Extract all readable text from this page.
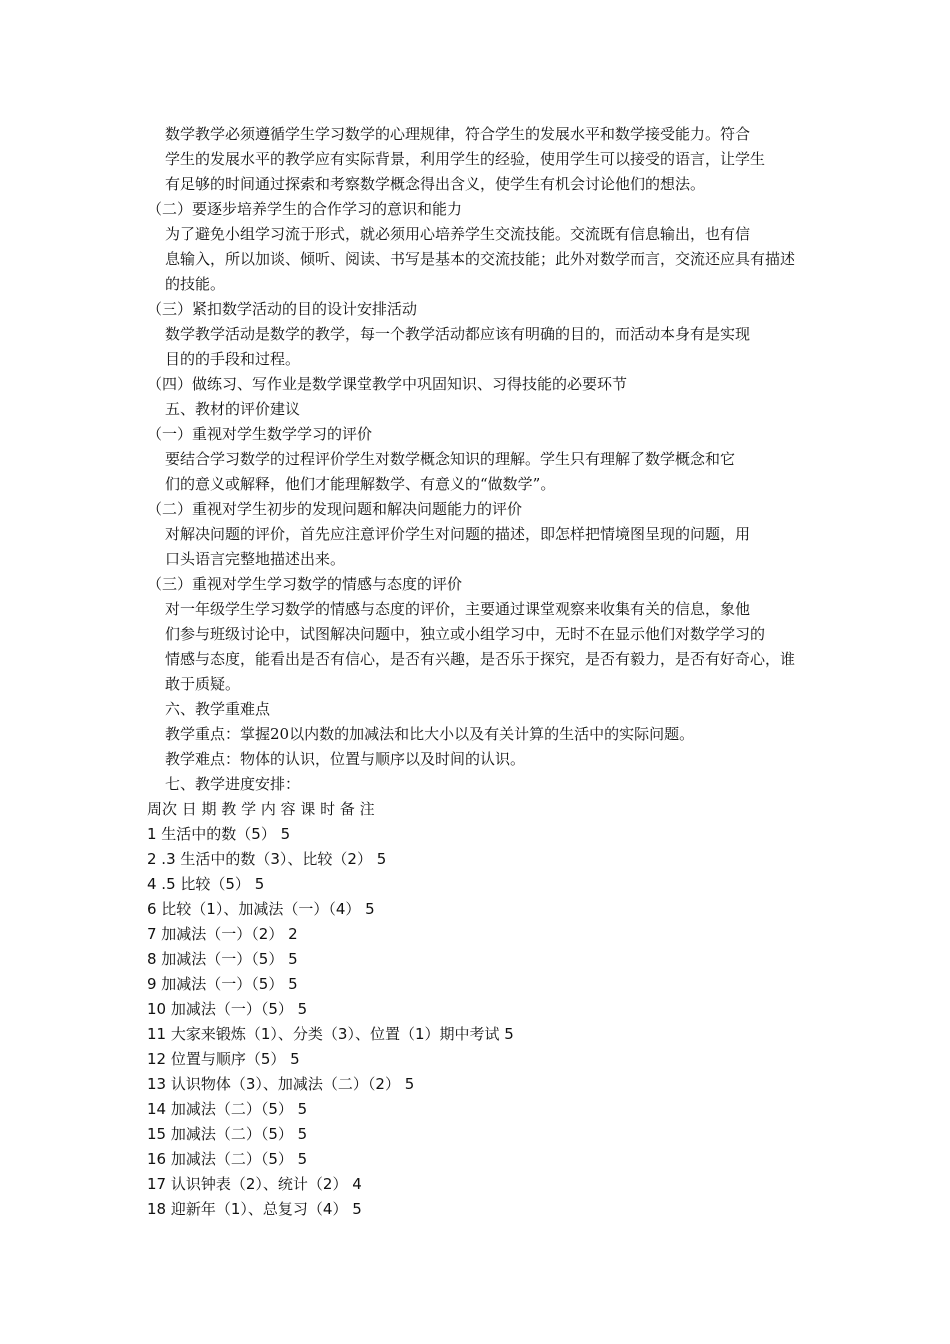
数学教学必须遵循学生学习数学的心理规律，符合学生的发展水平和数学接受能力。符合
学生的发展水平的教学应有实际背景，利用学生的经验，使用学生可以接受的语言，让学生
有足够的时间通过探索和考察数学概念得出含义，使学生有机会讨论他们的想法。

（二）要逐步培养学生的合作学习的意识和能力

为了避免小组学习流于形式，就必须用心培养学生交流技能。交流既有信息输出，也有信
息输入，所以加谈、倾听、阅读、书写是基本的交流技能；此外对数学而言，交流还应具有描述
的技能。

（三）紧扣数学活动的目的设计安排活动

数学教学活动是数学的教学，每一个教学活动都应该有明确的目的，而活动本身有是实现
目的的手段和过程。

（四）做练习、写作业是数学课堂教学中巩固知识、习得技能的必要环节

五、教材的评价建议

（一）重视对学生数学学习的评价

要结合学习数学的过程评价学生对数学概念知识的理解。学生只有理解了数学概念和它
们的意义或解释，他们才能理解数学、有意义的“做数学”。

（二）重视对学生初步的发现问题和解决问题能力的评价

对解决问题的评价，首先应注意评价学生对问题的描述，即怎样把情境图呈现的问题，用
口头语言完整地描述出来。

（三）重视对学生学习数学的情感与态度的评价

对一年级学生学习数学的情感与态度的评价，主要通过课堂观察来收集有关的信息，象他
们参与班级讨论中，试图解决问题中，独立或小组学习中，无时不在显示他们对数学学习的
情感与态度，能看出是否有信心，是否有兴趣，是否乐于探究，是否有毅力，是否有好奇心，谁
敢于质疑。

六、教学重难点

教学重点：掌握20以内数的加减法和比大小以及有关计算的生活中的实际问题。

教学难点：物体的认识，位置与顺序以及时间的认识。

七、教学进度安排：

周次 日 期 教 学 内 容 课 时 备 注

1 生活中的数（5） 5

2 .3 生活中的数（3）、比较（2） 5

4 .5 比较（5） 5

6 比较（1）、加减法（一）（4） 5

7 加减法（一）（2） 2

8 加减法（一）（5） 5

9 加减法（一）（5） 5

10 加减法（一）（5） 5

11 大家来锻炼（1）、分类（3）、位置（1）期中考试 5

12 位置与顺序（5） 5

13 认识物体（3）、加减法（二）（2） 5

14 加减法（二）（5） 5

15 加减法（二）（5） 5

16 加减法（二）（5） 5

17 认识钟表（2）、统计（2） 4

18 迎新年（1）、总复习（4） 5
